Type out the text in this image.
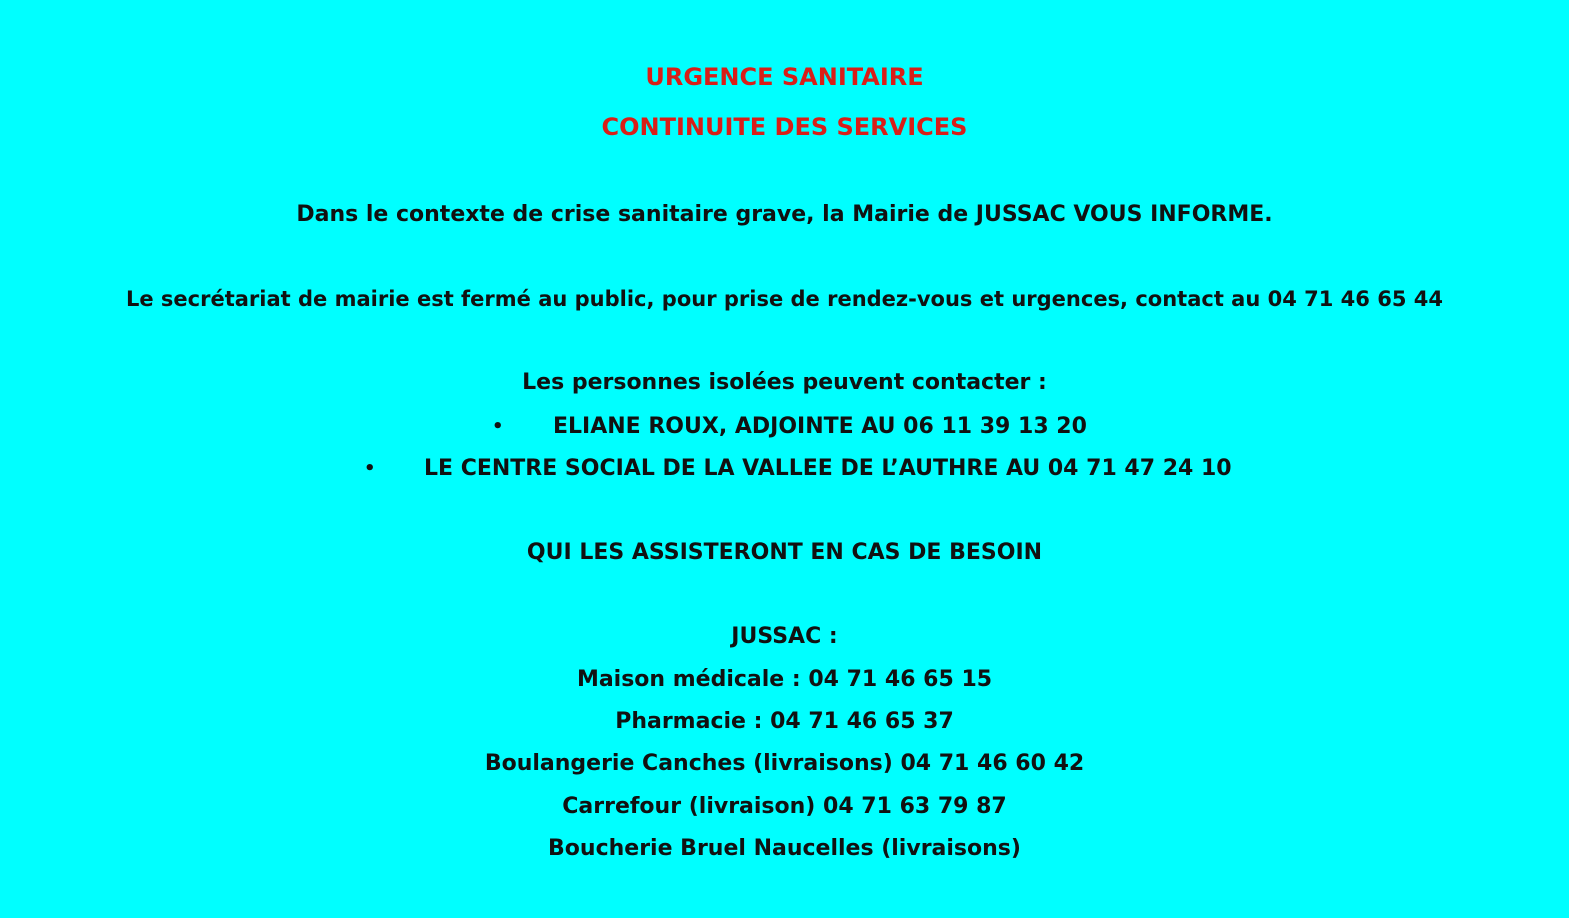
URGENCE SANITAIRE
CONTINUITE DES SERVICES
Dans le contexte de crise sanitaire grave, la Mairie de JUSSAC VOUS INFORME.
Le secrétariat de mairie est fermé au public, pour prise de rendez-vous et urgences, contact au 04 71 46 65 44
Les personnes isolées peuvent contacter :
• ELIANE ROUX, ADJOINTE AU 06 11 39 13 20
• LE CENTRE SOCIAL DE LA VALLEE DE L’AUTHRE AU 04 71 47 24 10
QUI LES ASSISTERONT EN CAS DE BESOIN
JUSSAC :
Maison médicale : 04 71 46 65 15
Pharmacie : 04 71 46 65 37
Boulangerie Canches (livraisons) 04 71 46 60 42
Carrefour (livraison) 04 71 63 79 87
Boucherie Bruel Naucelles (livraisons)
